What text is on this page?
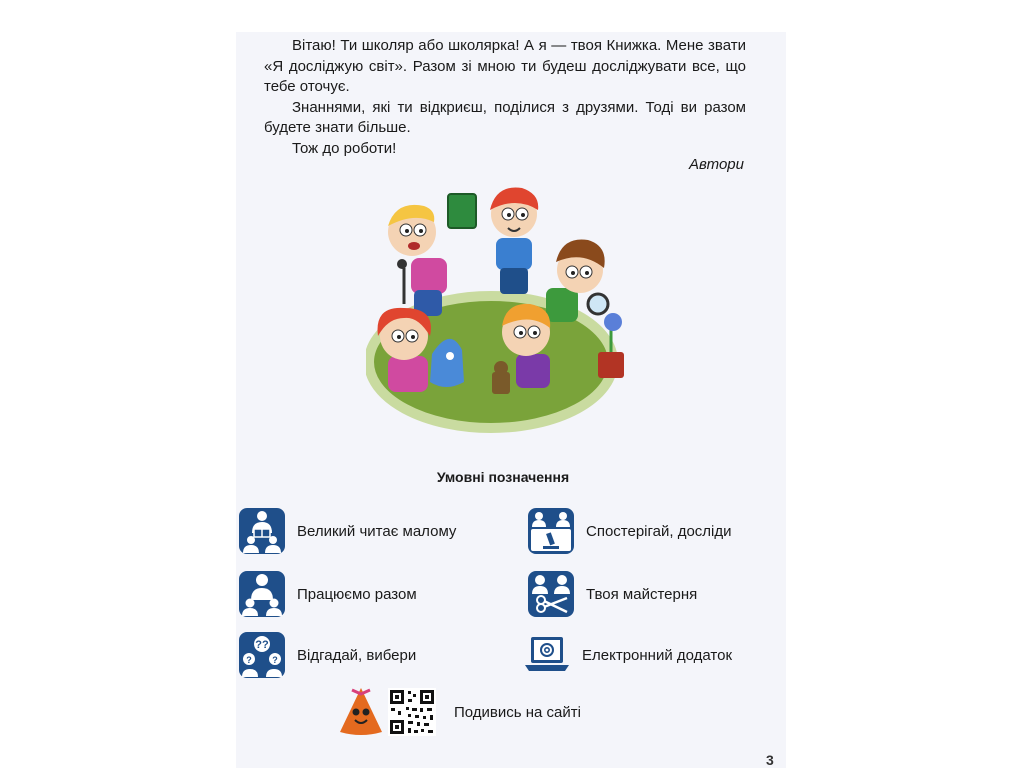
Вітаю! Ти школяр або школярка! А я — твоя Книжка. Мене звати «Я досліджую світ». Разом зі мною ти будеш досліджувати все, що тебе оточує.

Знаннями, які ти відкриєш, поділися з друзями. Тоді ви разом будете знати більше.

Тож до роботи!

Автори
Умовні позначення
Великий читає малому
Працюємо разом
??
? ? Відгадай, вибери
Спостерігай, досліди
Твоя майстерня
Електронний додаток
Подивись на сайті
3
